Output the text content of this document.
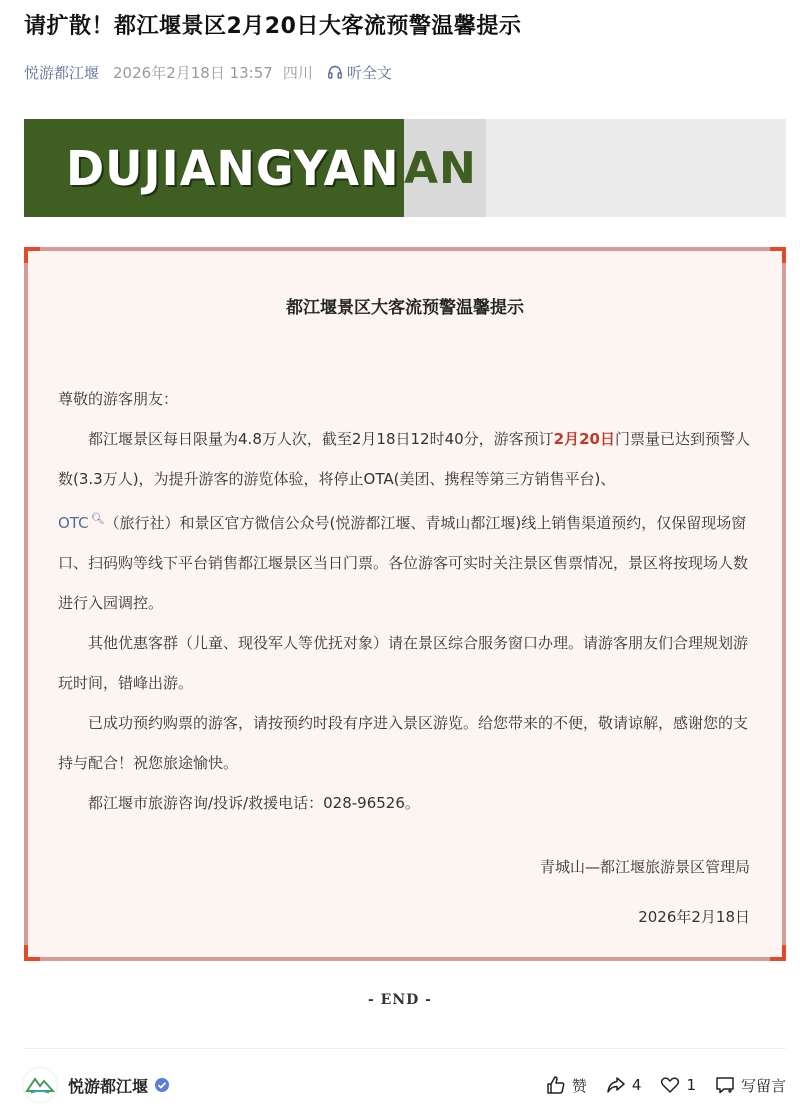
请扩散！都江堰景区2月20日大客流预警温馨提示
悦游都江堰 2026年2月18日 13:57 四川 听全文
DUJIANGYAN AN
都江堰景区大客流预警温馨提示

尊敬的游客朋友：

都江堰景区每日限量为4.8万人次，截至2月18日12时40分，游客预订2月20日门票量已达到预警人数(3.3万人)，为提升游客的游览体验，将停止OTA(美团、携程等第三方销售平台)、
OTC 🔍︎（旅行社）和景区官方微信公众号(悦游都江堰、青城山都江堰)线上销售渠道预约，仅保留现场窗口、扫码购等线下平台销售都江堰景区当日门票。各位游客可实时关注景区售票情况，景区将按现场人数进行入园调控。

其他优惠客群（儿童、现役军人等优抚对象）请在景区综合服务窗口办理。请游客朋友们合理规划游玩时间，错峰出游。

已成功预约购票的游客，请按预约时段有序进入景区游览。给您带来的不便，敬请谅解，感谢您的支持与配合！祝您旅途愉快。

都江堰市旅游咨询/投诉/救援电话：028-96526。

青城山—都江堰旅游景区管理局
2026年2月18日
- END -
悦游都江堰	赞	4	1	写留言
